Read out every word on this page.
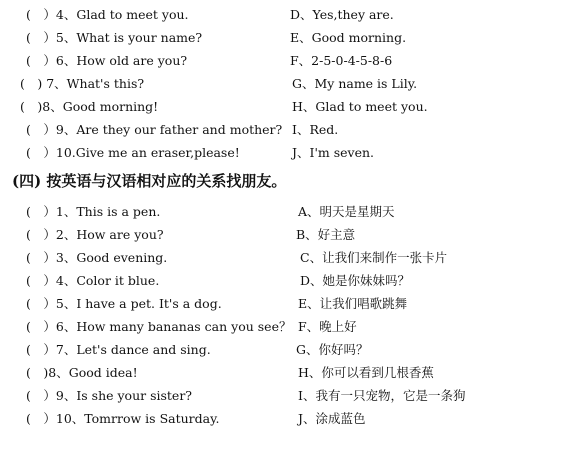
(　）4、Glad to meet you.	D、Yes,they are.
(　）5、What is your name?	E、Good morning.
(　）6、How old are you?	F、2-5-0-4-5-8-6
(　) 7、What's this?	G、My name is Lily.
(　)8、Good morning!	H、Glad to meet you.
(　）9、Are they our father and mother? I、Red.
(　）10.Give me an eraser,please!	J、I'm seven.
(四) 按英语与汉语相对应的关系找朋友。
(　）1、This is a pen.	A、明天是星期天
(　）2、How are you?	B、好主意
(　）3、Good evening.	C、让我们来制作一张卡片
(　）4、Color it blue.	D、她是你妹妹吗？
(　）5、I have a pet. It's a dog.	E、让我们唱歌跳舞
(　）6、How many bananas can you see？ F、晚上好
(　）7、Let's dance and sing.	G、你好吗？
(　)8、Good idea!	H、你可以看到几根香蕉
(　）9、Is she your sister?	I、我有一只宠物，它是一条狗
(　）10、Tomrrow is Saturday.	J、涂成蓝色
